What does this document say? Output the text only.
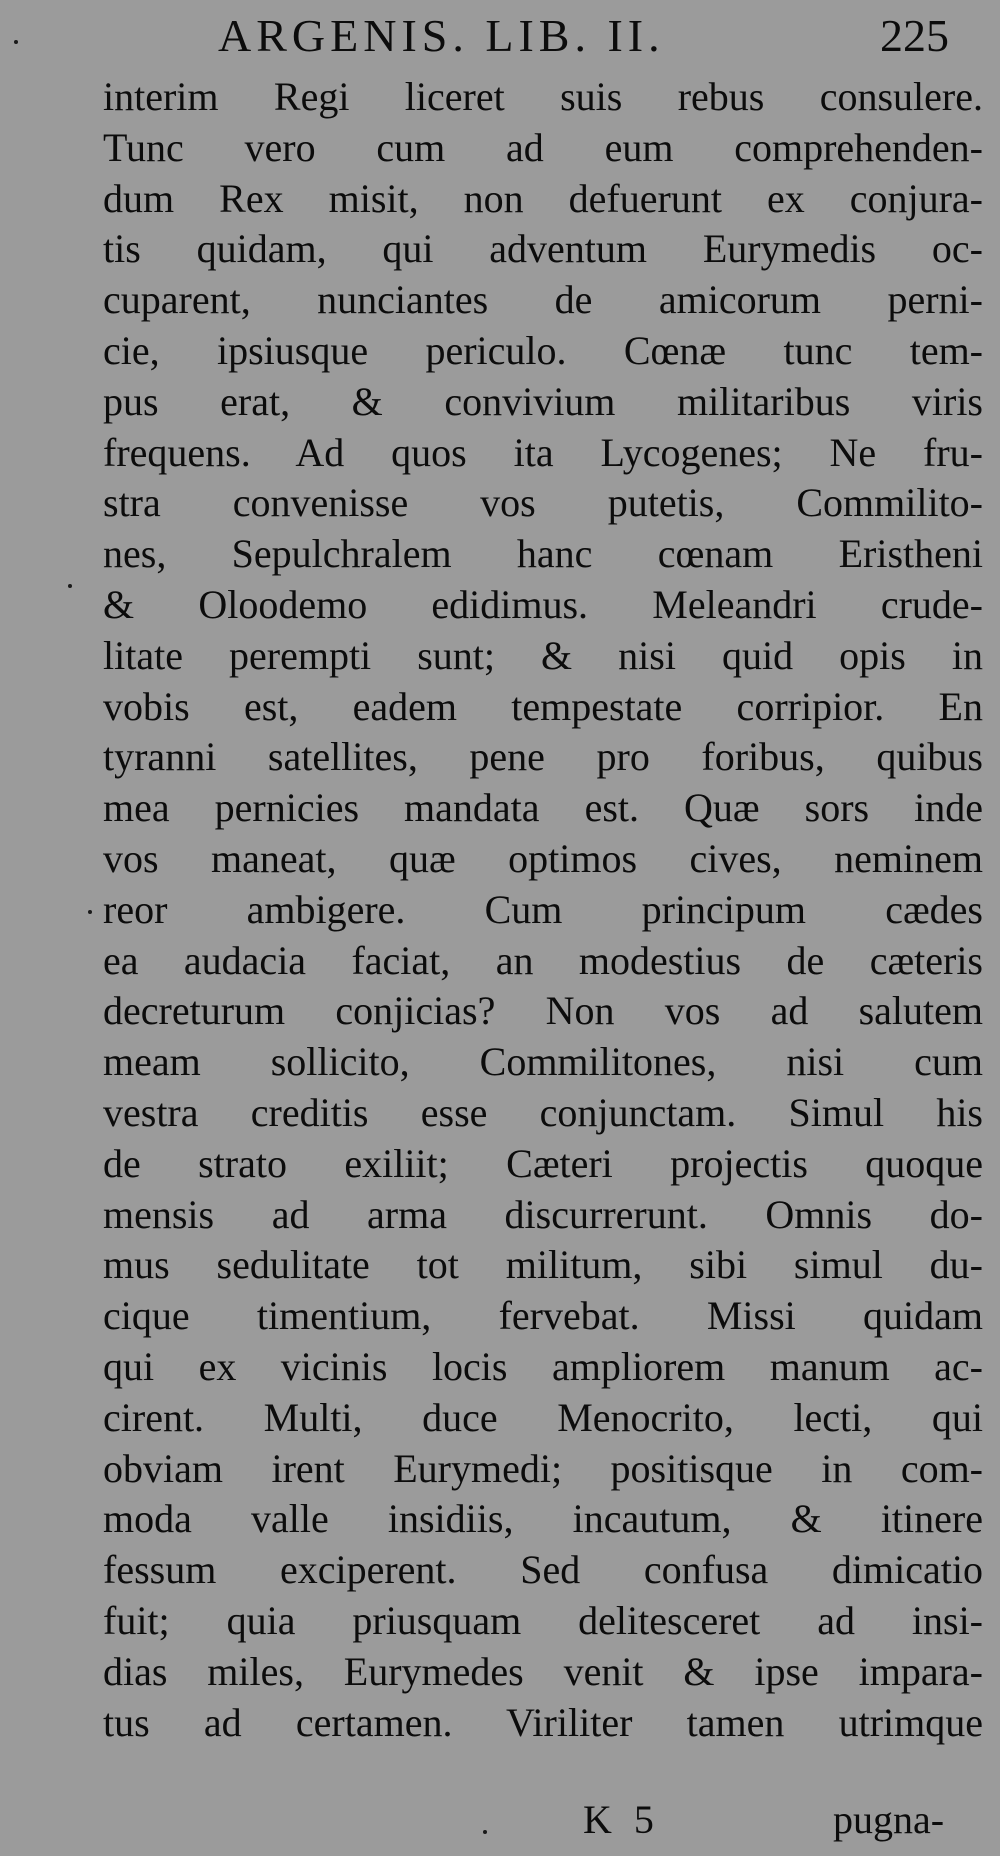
ARGENIS. LIB. II.	225
interim Regi liceret suis rebus consulere.
Tunc vero cum ad eum comprehenden-
dum Rex misit, non defuerunt ex conjura-
tis quidam, qui adventum Eurymedis oc-
cuparent, nunciantes de amicorum perni-
cie, ipsiusque periculo. Cœnæ tunc tem-
pus erat, & convivium militaribus viris
frequens. Ad quos ita Lycogenes; Ne fru-
stra convenisse vos putetis, Commilito-
nes, Sepulchralem hanc cœnam Eristheni
& Oloodemo edidimus. Meleandri crude-
litate perempti sunt; & nisi quid opis in
vobis est, eadem tempestate corripior. En
tyranni satellites, pene pro foribus, quibus
mea pernicies mandata est. Quæ sors inde
vos maneat, quæ optimos cives, neminem
reor ambigere. Cum principum cædes
ea audacia faciat, an modestius de cæteris
decreturum conjicias? Non vos ad salutem
meam sollicito, Commilitones, nisi cum
vestra creditis esse conjunctam. Simul his
de strato exiliit; Cæteri projectis quoque
mensis ad arma discurrerunt. Omnis do-
mus sedulitate tot militum, sibi simul du-
cique timentium, fervebat. Missi quidam
qui ex vicinis locis ampliorem manum ac-
cirent. Multi, duce Menocrito, lecti, qui
obviam irent Eurymedi; positisque in com-
moda valle insidiis, incautum, & itinere
fessum exciperent. Sed confusa dimicatio
fuit; quia priusquam delitesceret ad insi-
dias miles, Eurymedes venit & ipse impara-
tus ad certamen. Viriliter tamen utrimque
K 5	pugna-
